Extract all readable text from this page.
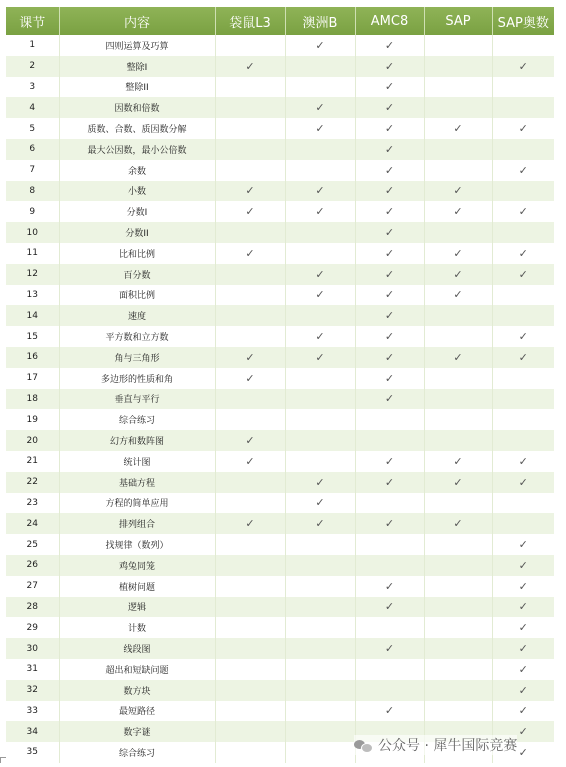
课节	内容	袋鼠L3	澳洲B	AMC8	SAP	SAP奥数
1	四则运算及巧算		✓	✓		
2	整除I	✓		✓		✓
3	整除II			✓		
4	因数和倍数		✓	✓		
5	质数、合数、质因数分解		✓	✓	✓	✓
6	最大公因数，最小公倍数			✓		
7	余数			✓		✓
8	小数	✓	✓	✓	✓	
9	分数I	✓	✓	✓	✓	✓
10	分数II			✓		
11	比和比例	✓		✓	✓	✓
12	百分数		✓	✓	✓	✓
13	面积比例		✓	✓	✓	
14	速度			✓		
15	平方数和立方数		✓	✓		✓
16	角与三角形	✓	✓	✓	✓	✓
17	多边形的性质和角	✓		✓		
18	垂直与平行			✓		
19	综合练习					
20	幻方和数阵图	✓				
21	统计图	✓		✓	✓	✓
22	基础方程		✓	✓	✓	✓
23	方程的简单应用		✓			
24	排列组合	✓	✓	✓	✓	
25	找规律（数列）					✓
26	鸡兔同笼					✓
27	植树问题			✓		✓
28	逻辑			✓		✓
29	计数					✓
30	线段图			✓		✓
31	超出和短缺问题					✓
32	数方块					✓
33	最短路径			✓		✓
34	数字谜					✓
35	综合练习					✓
公众号 · 犀牛国际竞赛
